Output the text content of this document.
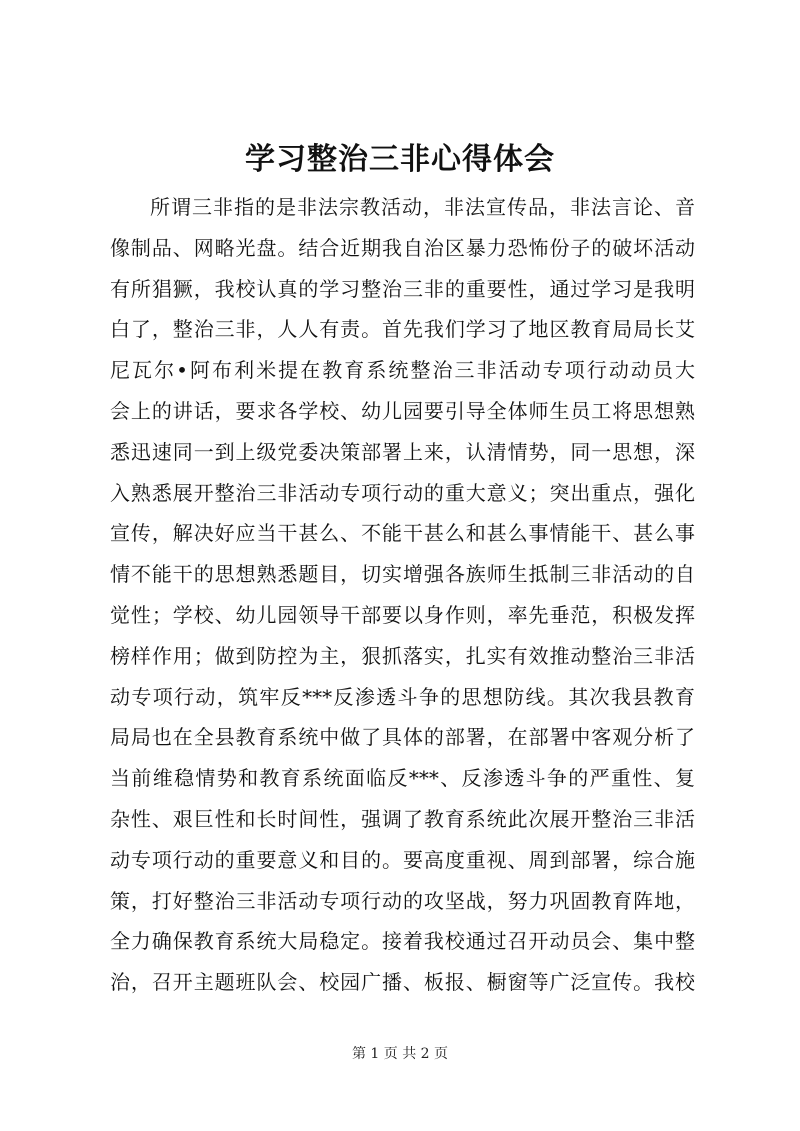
学习整治三非心得体会
所谓三非指的是非法宗教活动，非法宣传品，非法言论、音
像制品、网略光盘。结合近期我自治区暴力恐怖份子的破坏活动
有所猖獗，我校认真的学习整治三非的重要性，通过学习是我明
白了，整治三非，人人有责。首先我们学习了地区教育局局长艾
尼瓦尔•阿布利米提在教育系统整治三非活动专项行动动员大
会上的讲话，要求各学校、幼儿园要引导全体师生员工将思想熟
悉迅速同一到上级党委决策部署上来，认清情势，同一思想，深
入熟悉展开整治三非活动专项行动的重大意义；突出重点，强化
宣传，解决好应当干甚么、不能干甚么和甚么事情能干、甚么事
情不能干的思想熟悉题目，切实增强各族师生抵制三非活动的自
觉性；学校、幼儿园领导干部要以身作则，率先垂范，积极发挥
榜样作用；做到防控为主，狠抓落实，扎实有效推动整治三非活
动专项行动，筑牢反***反渗透斗争的思想防线。其次我县教育
局局也在全县教育系统中做了具体的部署，在部署中客观分析了
当前维稳情势和教育系统面临反***、反渗透斗争的严重性、复
杂性、艰巨性和长时间性，强调了教育系统此次展开整治三非活
动专项行动的重要意义和目的。要高度重视、周到部署，综合施
策，打好整治三非活动专项行动的攻坚战，努力巩固教育阵地，
全力确保教育系统大局稳定。接着我校通过召开动员会、集中整
治，召开主题班队会、校园广播、板报、橱窗等广泛宣传。我校
第 1 页 共 2 页
